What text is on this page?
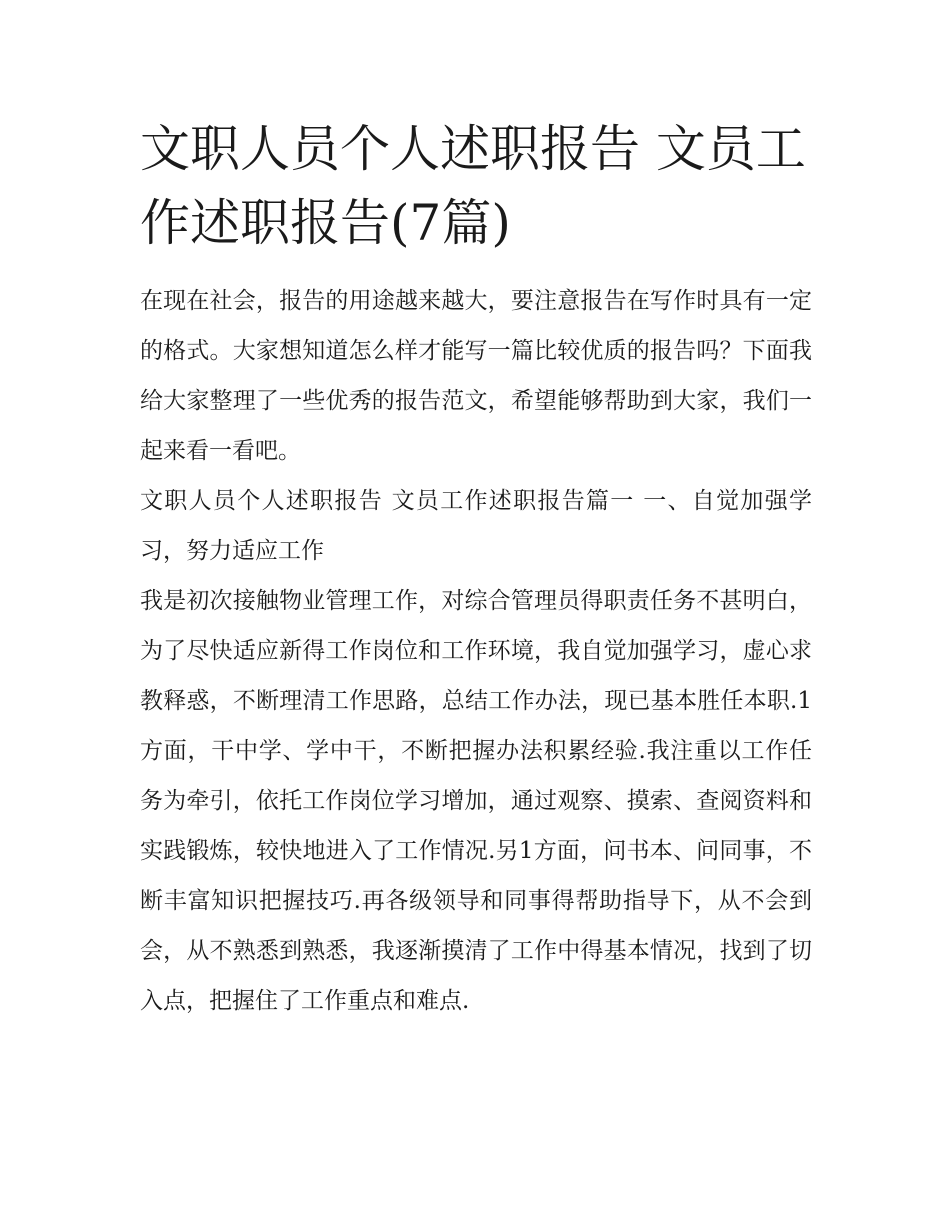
文职人员个人述职报告 文员工作述职报告(7篇)

在现在社会，报告的用途越来越大，要注意报告在写作时具有一定的格式。大家想知道怎么样才能写一篇比较优质的报告吗？下面我给大家整理了一些优秀的报告范文，希望能够帮助到大家，我们一起来看一看吧。

文职人员个人述职报告 文员工作述职报告篇一 一、自觉加强学习，努力适应工作

我是初次接触物业管理工作，对综合管理员得职责任务不甚明白，为了尽快适应新得工作岗位和工作环境，我自觉加强学习，虚心求教释惑，不断理清工作思路，总结工作办法，现已基本胜任本职.1方面，干中学、学中干，不断把握办法积累经验.我注重以工作任务为牵引，依托工作岗位学习增加，通过观察、摸索、查阅资料和实践锻炼，较快地进入了工作情况.另1方面，问书本、问同事，不断丰富知识把握技巧.再各级领导和同事得帮助指导下，从不会到会，从不熟悉到熟悉，我逐渐摸清了工作中得基本情况，找到了切入点，把握住了工作重点和难点.
